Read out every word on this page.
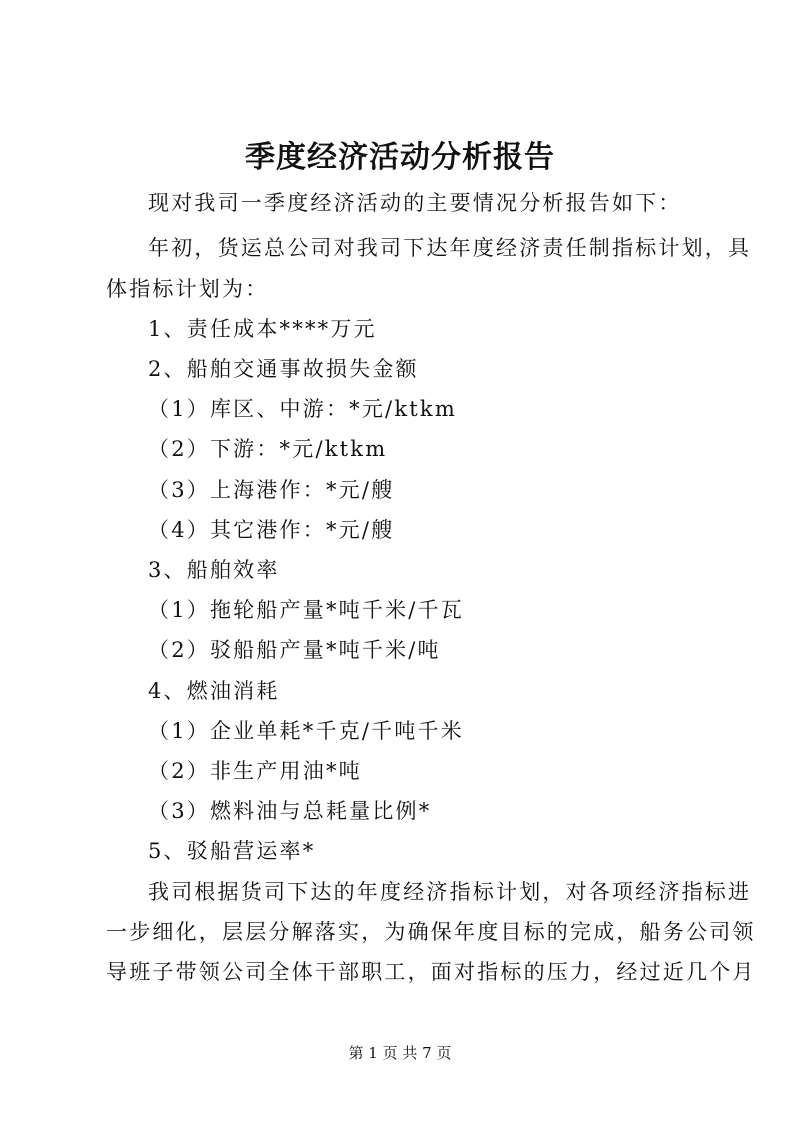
季度经济活动分析报告
现对我司一季度经济活动的主要情况分析报告如下：
年初，货运总公司对我司下达年度经济责任制指标计划，具
体指标计划为：
1、责任成本****万元
2、船舶交通事故损失金额
（1）库区、中游：*元/ktkm
（2）下游：*元/ktkm
（3）上海港作：*元/艘
（4）其它港作：*元/艘
3、船舶效率
（1）拖轮船产量*吨千米/千瓦
（2）驳船船产量*吨千米/吨
4、燃油消耗
（1）企业单耗*千克/千吨千米
（2）非生产用油*吨
（3）燃料油与总耗量比例*
5、驳船营运率*
我司根据货司下达的年度经济指标计划，对各项经济指标进
一步细化，层层分解落实，为确保年度目标的完成，船务公司领
导班子带领公司全体干部职工，面对指标的压力，经过近几个月
第 1 页 共 7 页
